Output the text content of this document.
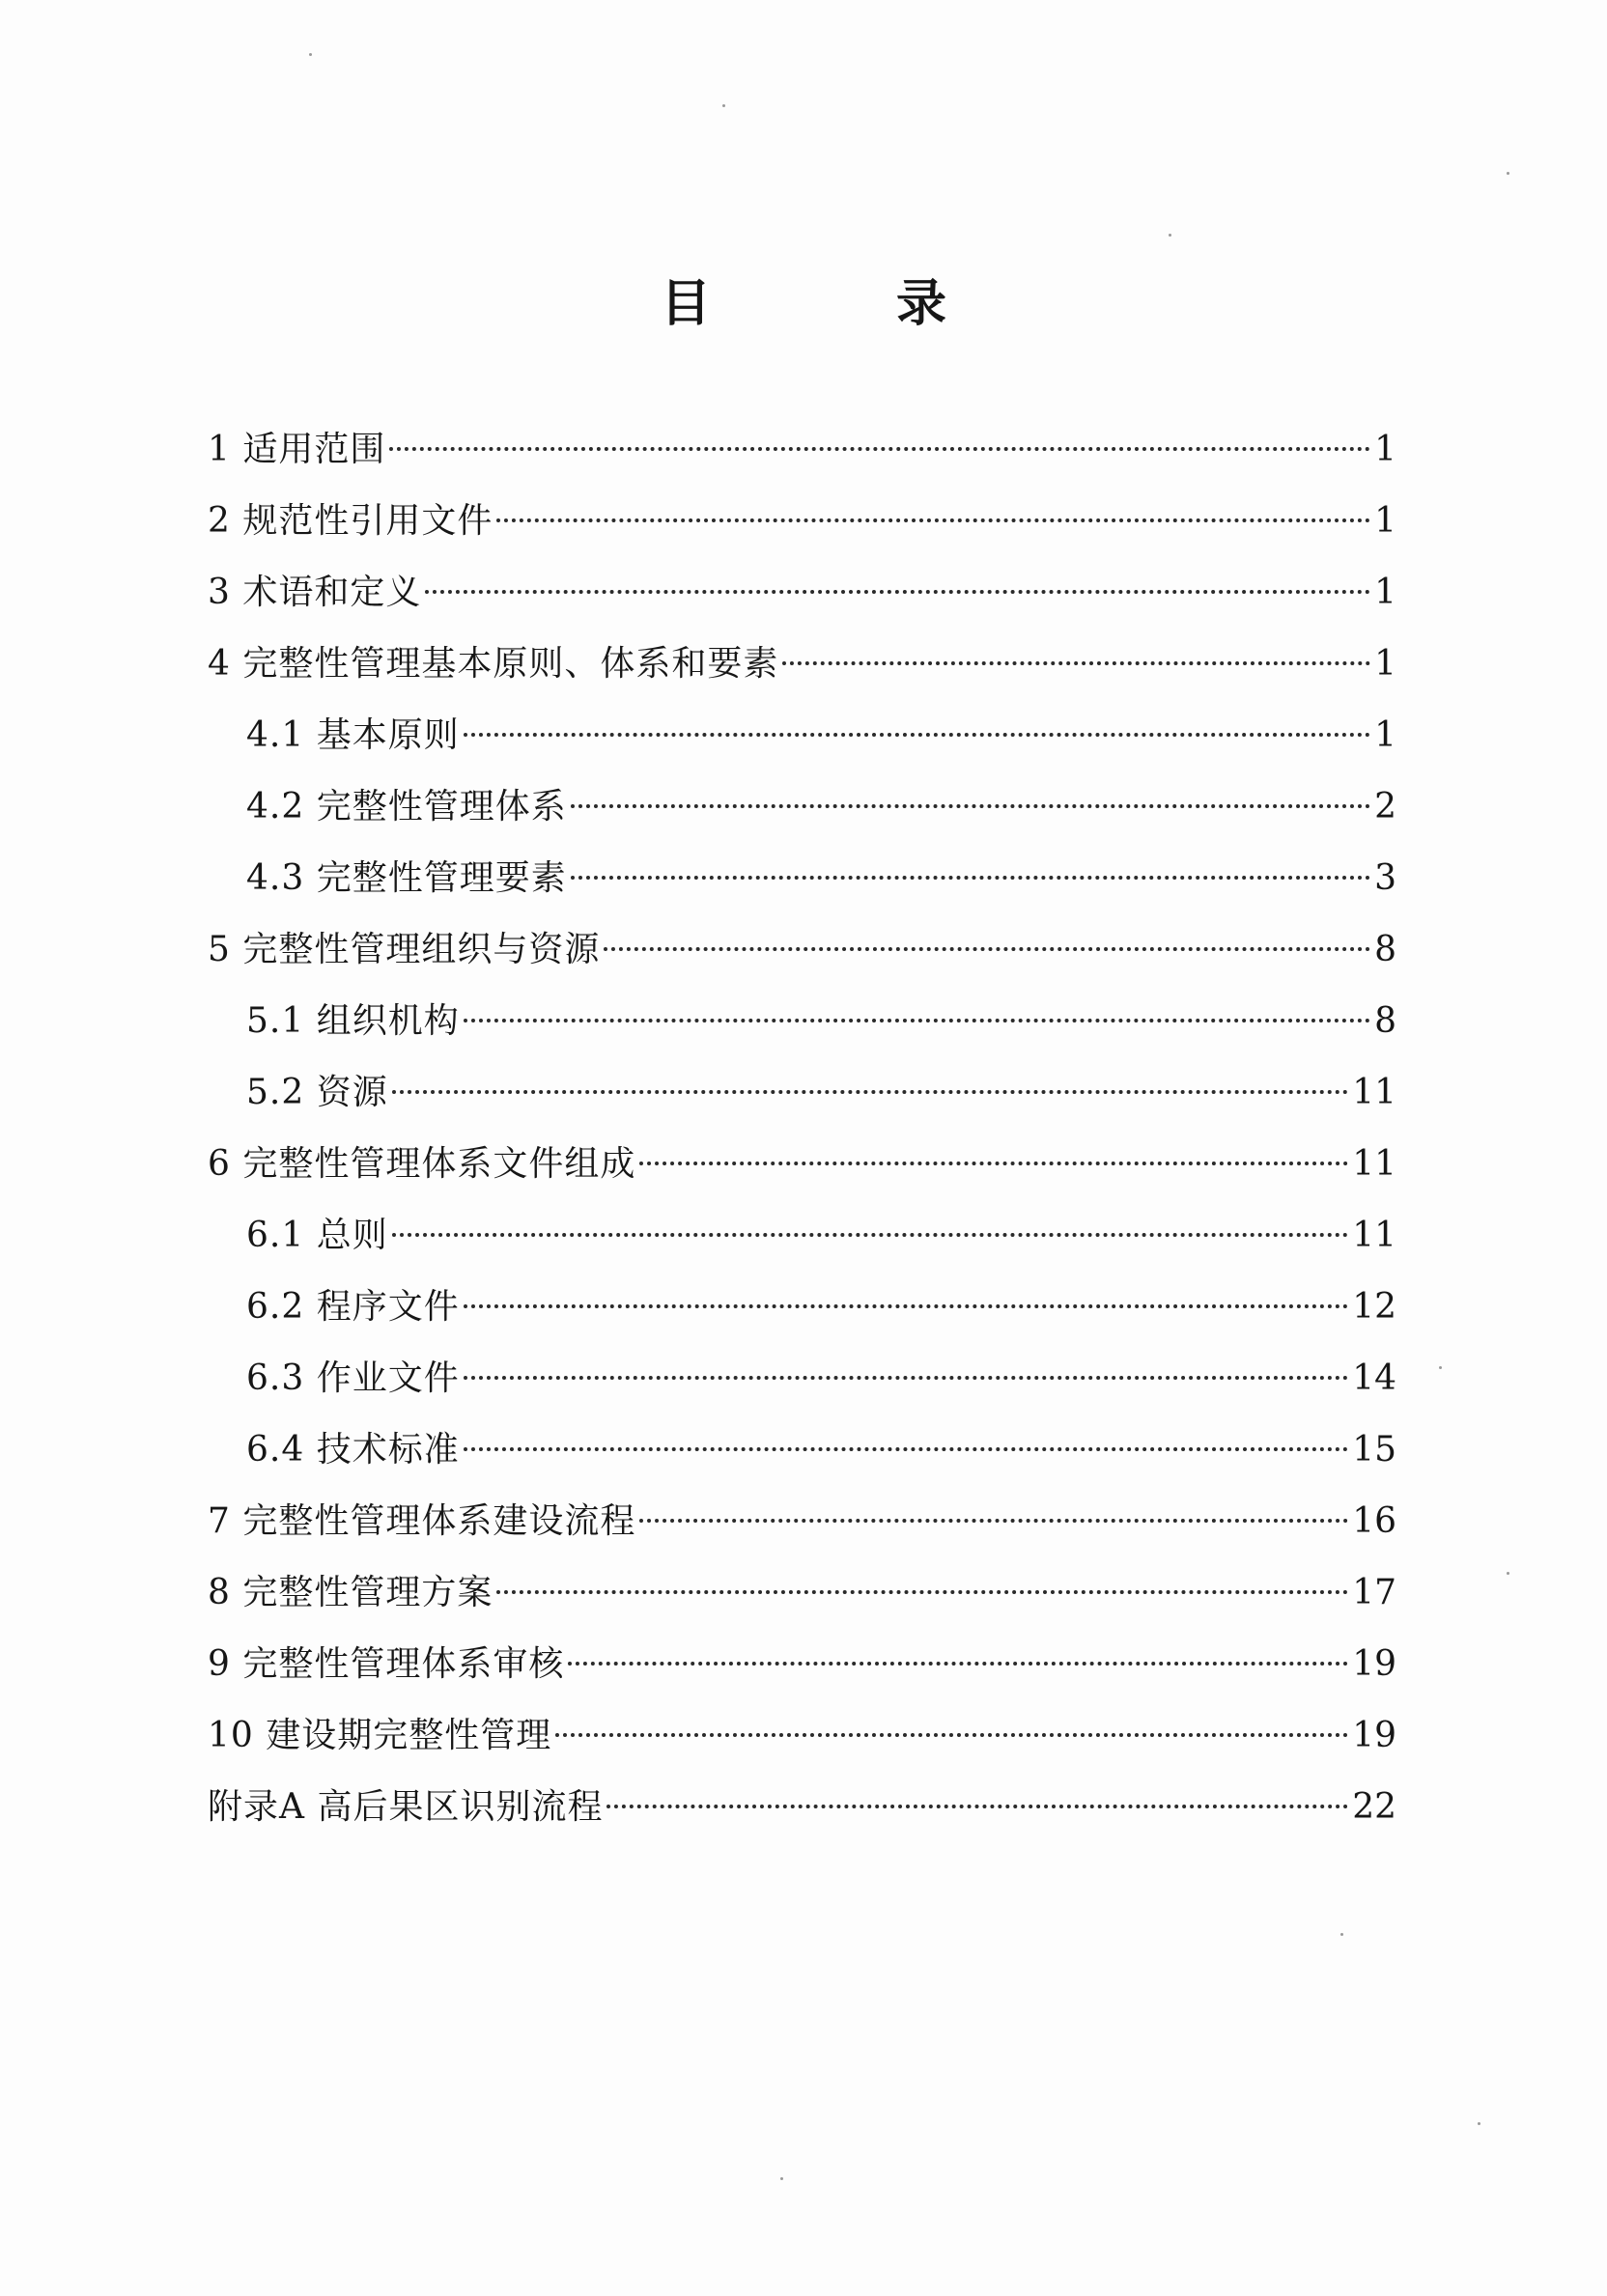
目　录
1 适用范围	1
2 规范性引用文件	1
3 术语和定义	1
4 完整性管理基本原则、体系和要素	1
4.1 基本原则	1
4.2 完整性管理体系	2
4.3 完整性管理要素	3
5 完整性管理组织与资源	8
5.1 组织机构	8
5.2 资源	11
6 完整性管理体系文件组成	11
6.1 总则	11
6.2 程序文件	12
6.3 作业文件	14
6.4 技术标准	15
7 完整性管理体系建设流程	16
8 完整性管理方案	17
9 完整性管理体系审核	19
10 建设期完整性管理	19
附录A 高后果区识别流程	22
